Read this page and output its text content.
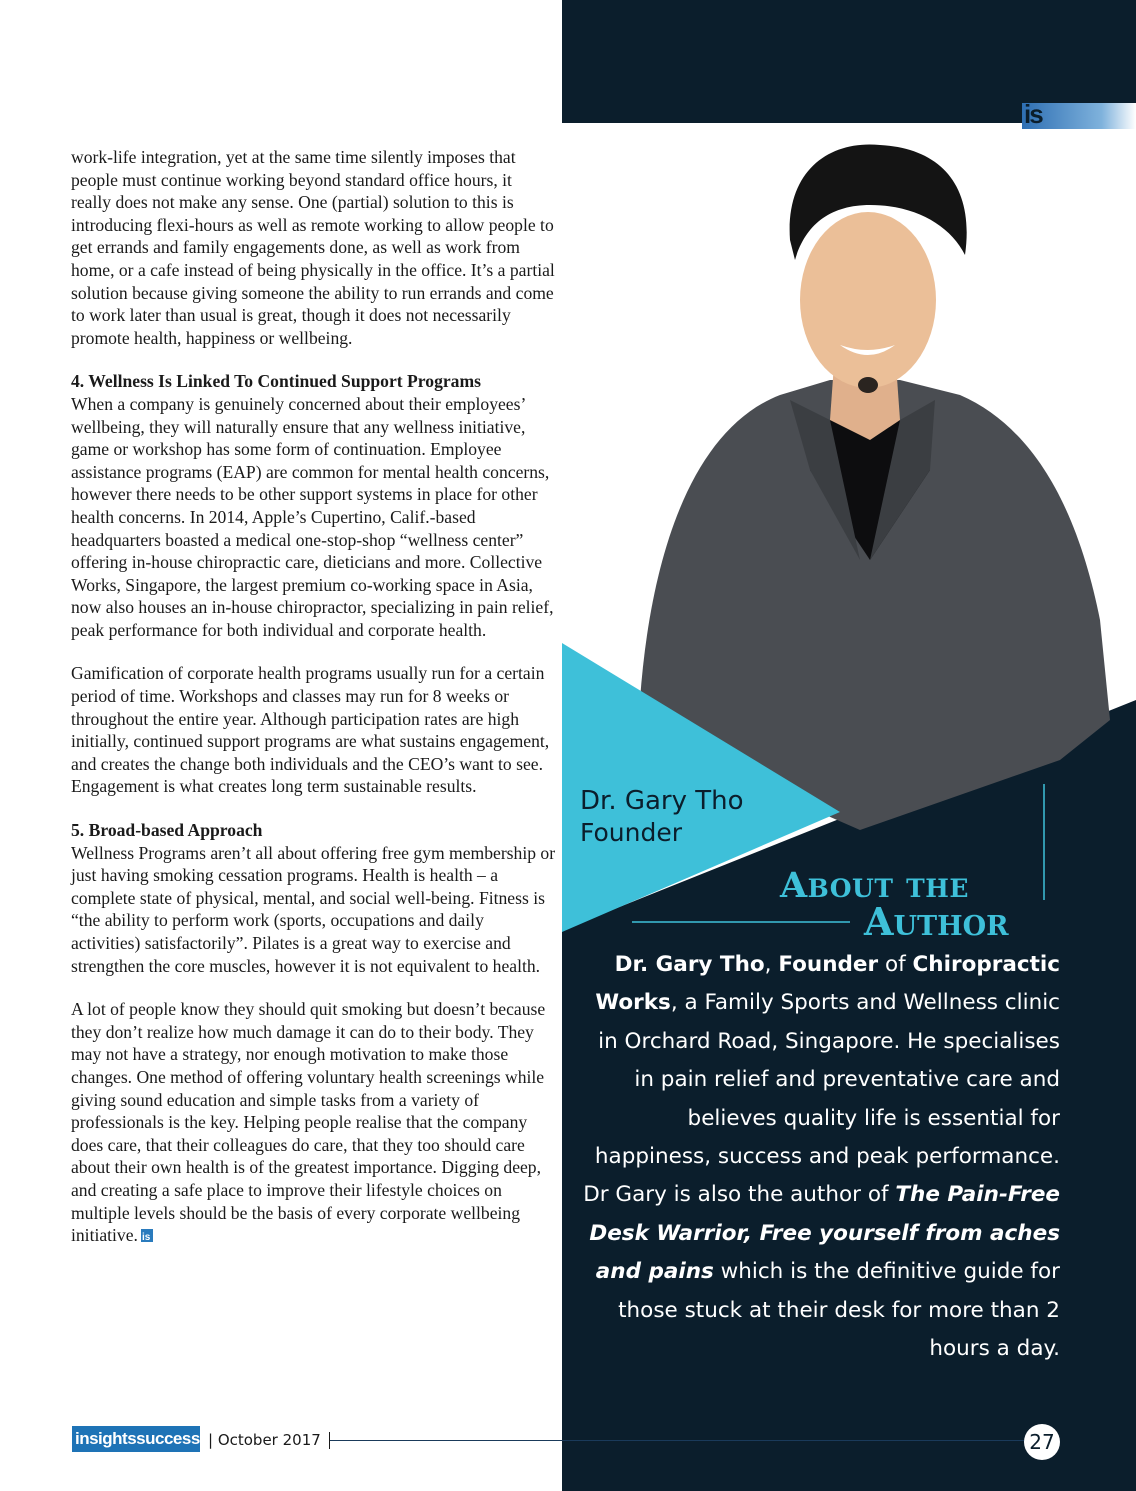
work-life integration, yet at the same time silently imposes that people must continue working beyond standard office hours, it really does not make any sense. One (partial) solution to this is introducing flexi-hours as well as remote working to allow people to get errands and family engagements done, as well as work from home, or a cafe instead of being physically in the office. It’s a partial solution because giving someone the ability to run errands and come to work later than usual is great, though it does not necessarily promote health, happiness or wellbeing.

4. Wellness Is Linked To Continued Support Programs

When a company is genuinely concerned about their employees’ wellbeing, they will naturally ensure that any wellness initiative, game or workshop has some form of continuation. Employee assistance programs (EAP) are common for mental health concerns, however there needs to be other support systems in place for other health concerns. In 2014, Apple’s Cupertino, Calif.-based headquarters boasted a medical one-stop-shop “wellness center” offering in-house chiropractic care, dieticians and more. Collective Works, Singapore, the largest premium co-working space in Asia, now also houses an in-house chiropractor, specializing in pain relief, peak performance for both individual and corporate health.

Gamification of corporate health programs usually run for a certain period of time. Workshops and classes may run for 8 weeks or throughout the entire year. Although participation rates are high initially, continued support programs are what sustains engagement, and creates the change both individuals and the CEO’s want to see. Engagement is what creates long term sustainable results.

5. Broad-based Approach

Wellness Programs aren’t all about offering free gym membership or just having smoking cessation programs. Health is health – a complete state of physical, mental, and social well-being. Fitness is “the ability to perform work (sports, occupations and daily activities) satisfactorily”. Pilates is a great way to exercise and strengthen the core muscles, however it is not equivalent to health.

A lot of people know they should quit smoking but doesn’t because they don’t realize how much damage it can do to their body. They may not have a strategy, nor enough motivation to make those changes. One method of offering voluntary health screenings while giving sound education and simple tasks from a variety of professionals is the key. Helping people realise that the company does care, that their colleagues do care, that they too should care about their own health is of the greatest importance. Digging deep, and creating a safe place to improve their lifestyle choices on multiple levels should be the basis of every corporate wellbeing initiative.is

is
Dr. Gary Tho
Founder
About the
Author
Dr. Gary Tho, Founder of Chiropractic Works, a Family Sports and Wellness clinic in Orchard Road, Singapore. He specialises in pain relief and preventative care and believes quality life is essential for happiness, success and peak performance. Dr Gary is also the author of The Pain-Free Desk Warrior, Free yourself from aches and pains which is the definitive guide for those stuck at their desk for more than 2 hours a day.
insightssuccess | October 2017	27
